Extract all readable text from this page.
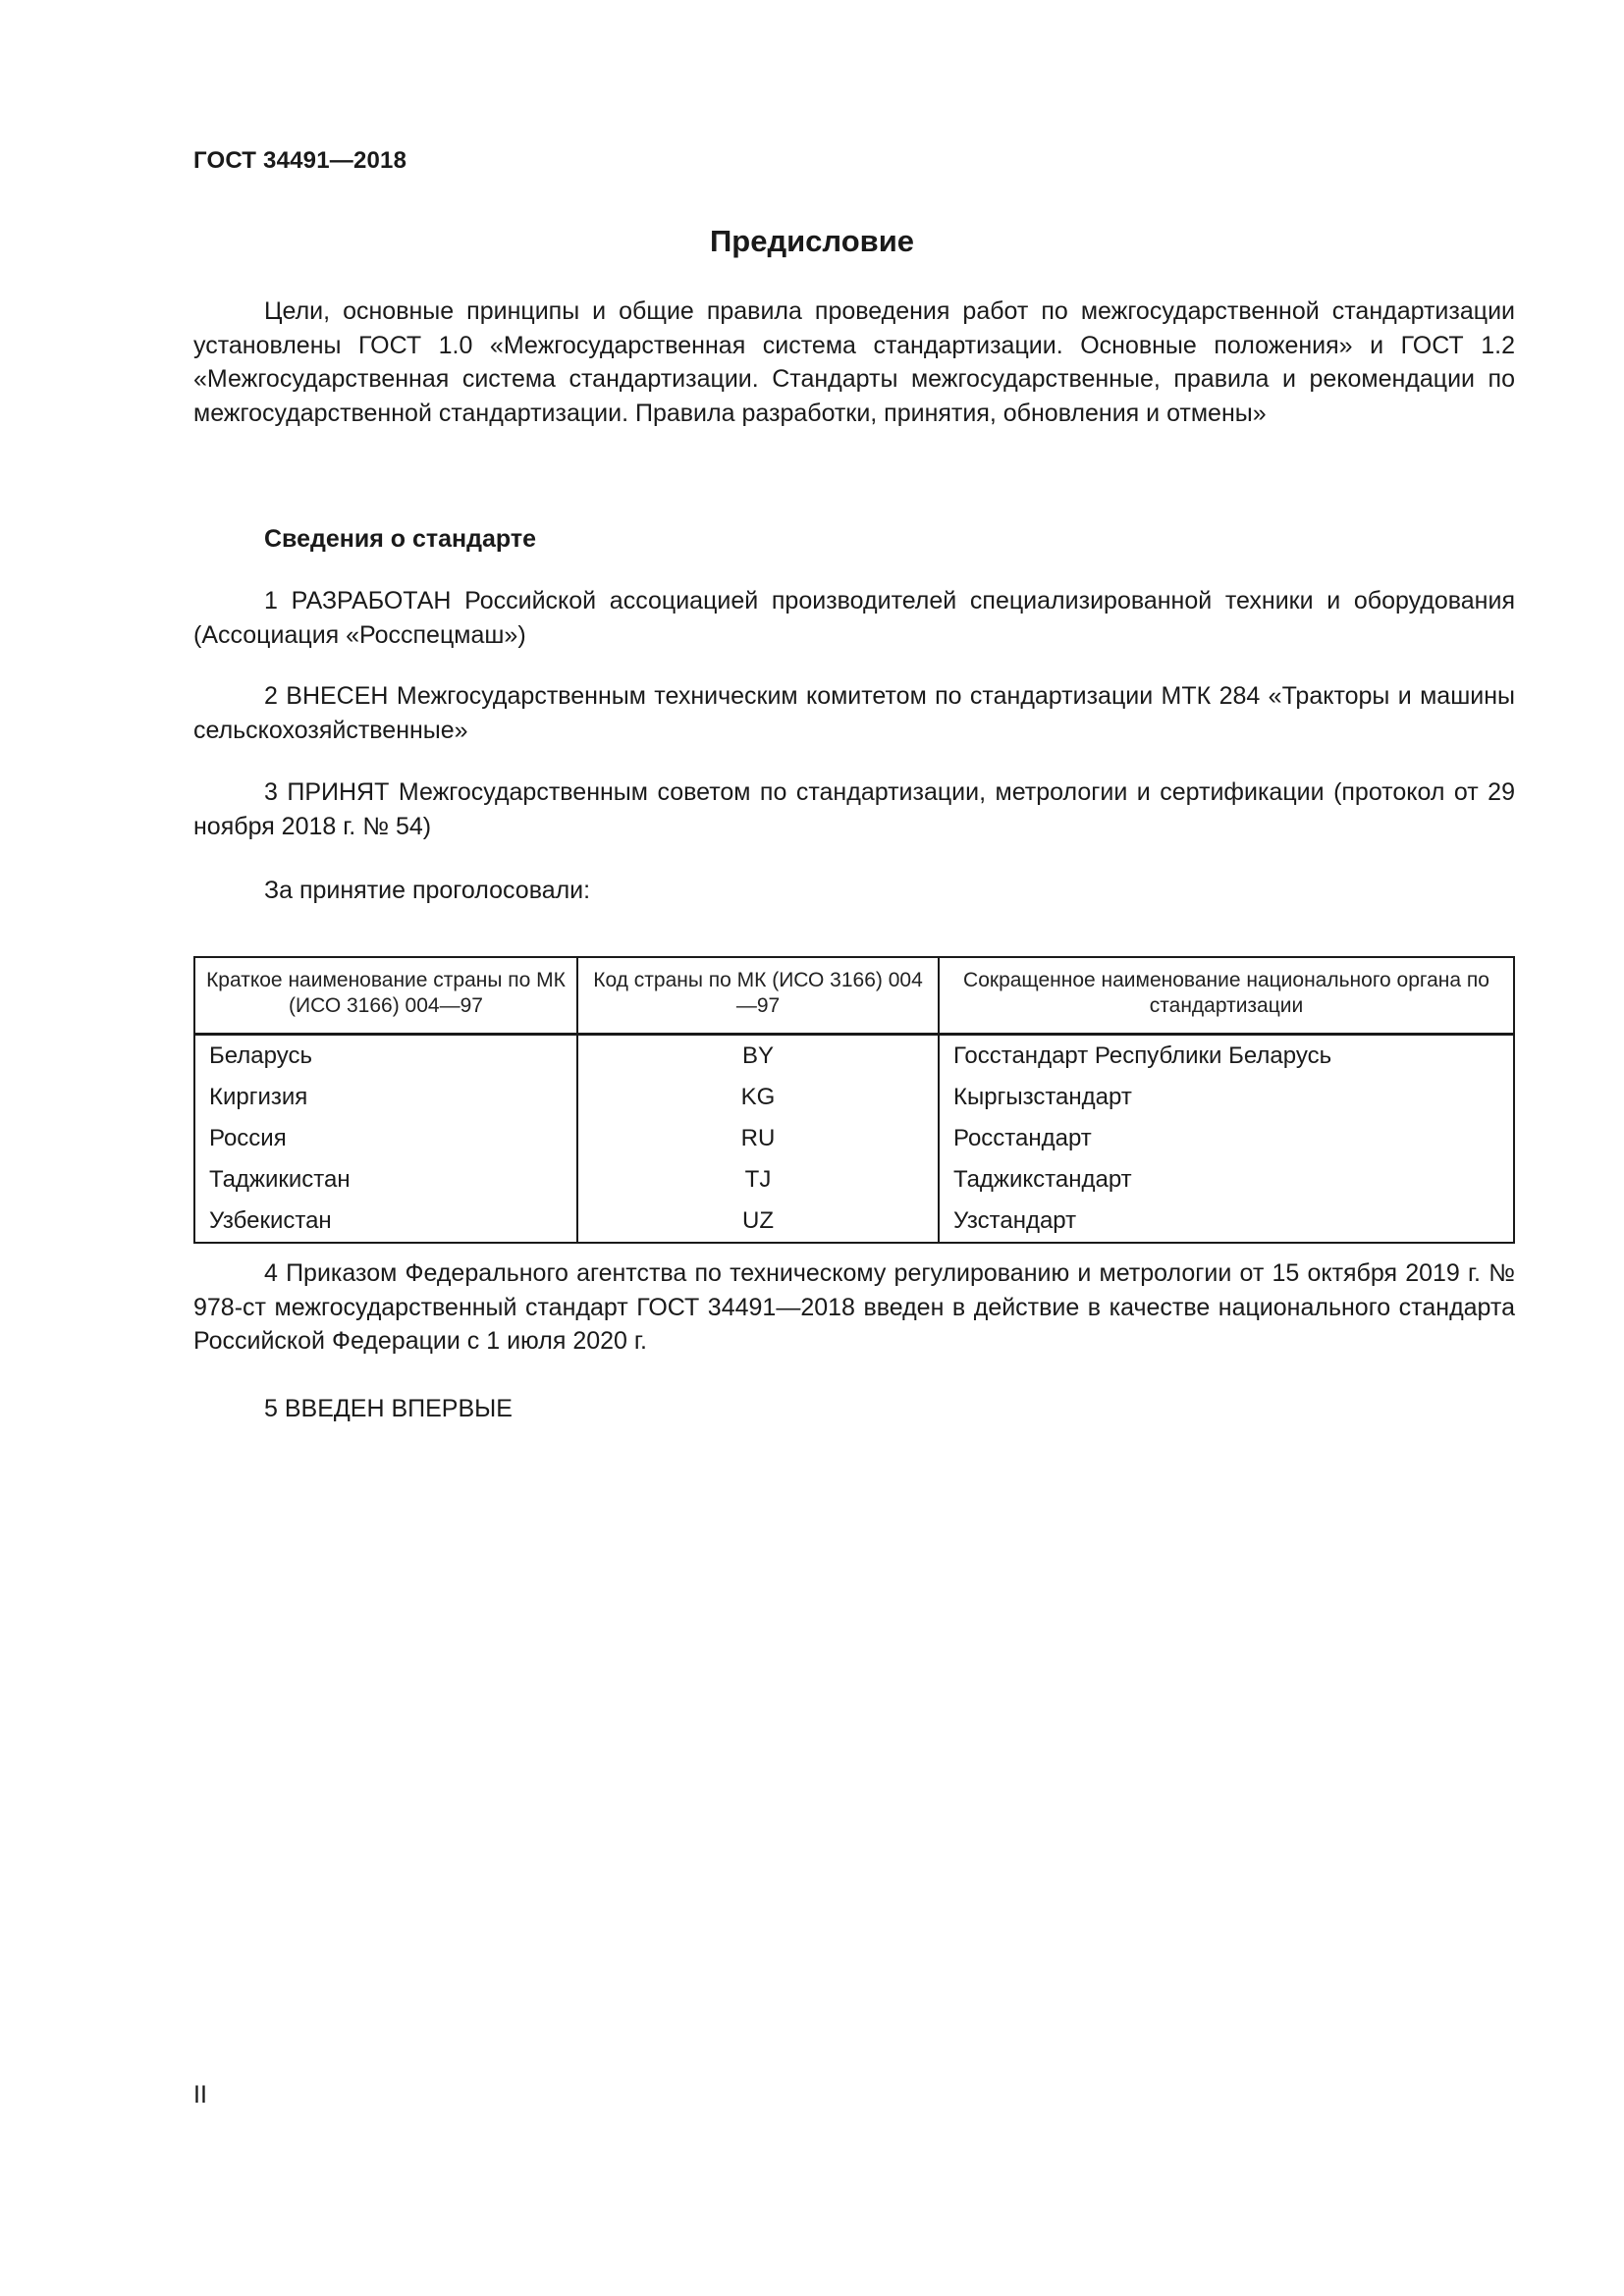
ГОСТ 34491—2018
Предисловие

Цели, основные принципы и общие правила проведения работ по межгосударственной стандартизации установлены ГОСТ 1.0 «Межгосударственная система стандартизации. Основные положения» и ГОСТ 1.2 «Межгосударственная система стандартизации. Стандарты межгосударственные, правила и рекомендации по межгосударственной стандартизации. Правила разработки, принятия, обновления и отмены»

Сведения о стандарте

1 РАЗРАБОТАН Российской ассоциацией производителей специализированной техники и оборудования (Ассоциация «Росспецмаш»)

2 ВНЕСЕН Межгосударственным техническим комитетом по стандартизации МТК 284 «Тракторы и машины сельскохозяйственные»

3 ПРИНЯТ Межгосударственным советом по стандартизации, метрологии и сертификации (протокол от 29 ноября 2018 г. № 54)

За принятие проголосовали:

Краткое наименование страны по МК (ИСО 3166) 004—97	Код страны по МК (ИСО 3166) 004—97	Сокращенное наименование национального органа по стандартизации
Беларусь	BY	Госстандарт Республики Беларусь
Киргизия	KG	Кыргызстандарт
Россия	RU	Росстандарт
Таджикистан	TJ	Таджикстандарт
Узбекистан	UZ	Узстандарт

4 Приказом Федерального агентства по техническому регулированию и метрологии от 15 октября 2019 г. № 978-ст межгосударственный стандарт ГОСТ 34491—2018 введен в действие в качестве национального стандарта Российской Федерации с 1 июля 2020 г.

5 ВВЕДЕН ВПЕРВЫЕ

II
